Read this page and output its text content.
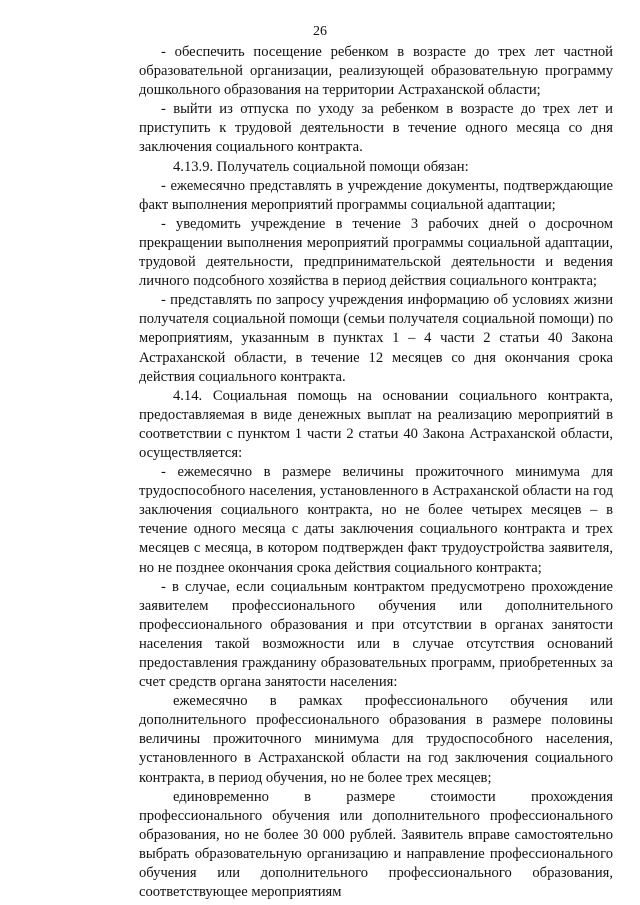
26

- обеспечить посещение ребенком в возрасте до трех лет частной образовательной организации, реализующей образовательную программу дошкольного образования на территории Астраханской области;

- выйти из отпуска по уходу за ребенком в возрасте до трех лет и приступить к трудовой деятельности в течение одного месяца со дня заключения социального контракта.

4.13.9. Получатель социальной помощи обязан:

- ежемесячно представлять в учреждение документы, подтверждающие факт выполнения мероприятий программы социальной адаптации;

- уведомить учреждение в течение 3 рабочих дней о досрочном прекращении выполнения мероприятий программы социальной адаптации, трудовой деятельности, предпринимательской деятельности и ведения личного подсобного хозяйства в период действия социального контракта;

- представлять по запросу учреждения информацию об условиях жизни получателя социальной помощи (семьи получателя социальной помощи) по мероприятиям, указанным в пунктах 1 – 4 части 2 статьи 40 Закона Астраханской области, в течение 12 месяцев со дня окончания срока действия социального контракта.

4.14. Социальная помощь на основании социального контракта, предоставляемая в виде денежных выплат на реализацию мероприятий в соответствии с пунктом 1 части 2 статьи 40 Закона Астраханской области, осуществляется:

- ежемесячно в размере величины прожиточного минимума для трудоспособного населения, установленного в Астраханской области на год заключения социального контракта, но не более четырех месяцев – в течение одного месяца с даты заключения социального контракта и трех месяцев с месяца, в котором подтвержден факт трудоустройства заявителя, но не позднее окончания срока действия социального контракта;

- в случае, если социальным контрактом предусмотрено прохождение заявителем профессионального обучения или дополнительного профессионального образования и при отсутствии в органах занятости населения такой возможности или в случае отсутствия оснований предоставления гражданину образовательных программ, приобретенных за счет средств органа занятости населения:

ежемесячно в рамках профессионального обучения или дополнительного профессионального образования в размере половины величины прожиточного минимума для трудоспособного населения, установленного в Астраханской области на год заключения социального контракта, в период обучения, но не более трех месяцев;

единовременно в размере стоимости прохождения профессионального обучения или дополнительного профессионального образования, но не более 30 000 рублей. Заявитель вправе самостоятельно выбрать образовательную организацию и направление профессионального обучения или дополнительного профессионального образования, соответствующее мероприятиям
